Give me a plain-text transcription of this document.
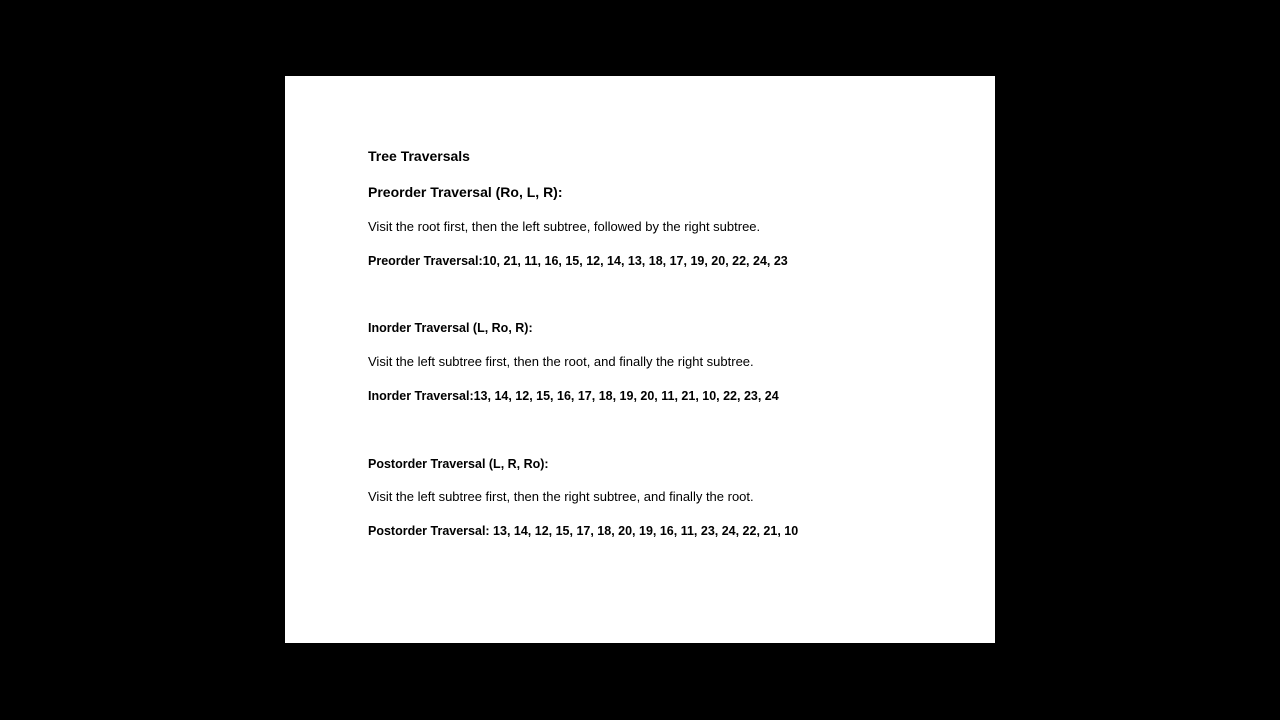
Tree Traversals
Preorder Traversal (Ro, L, R):
Visit the root first, then the left subtree, followed by the right subtree.
Preorder Traversal:10, 21, 11, 16, 15, 12, 14, 13, 18, 17, 19, 20, 22, 24, 23
Inorder Traversal (L, Ro, R):
Visit the left subtree first, then the root, and finally the right subtree.
Inorder Traversal:13, 14, 12, 15, 16, 17, 18, 19, 20, 11, 21, 10, 22, 23, 24
Postorder Traversal (L, R, Ro):
Visit the left subtree first, then the right subtree, and finally the root.
Postorder Traversal: 13, 14, 12, 15, 17, 18, 20, 19, 16, 11, 23, 24, 22, 21, 10
